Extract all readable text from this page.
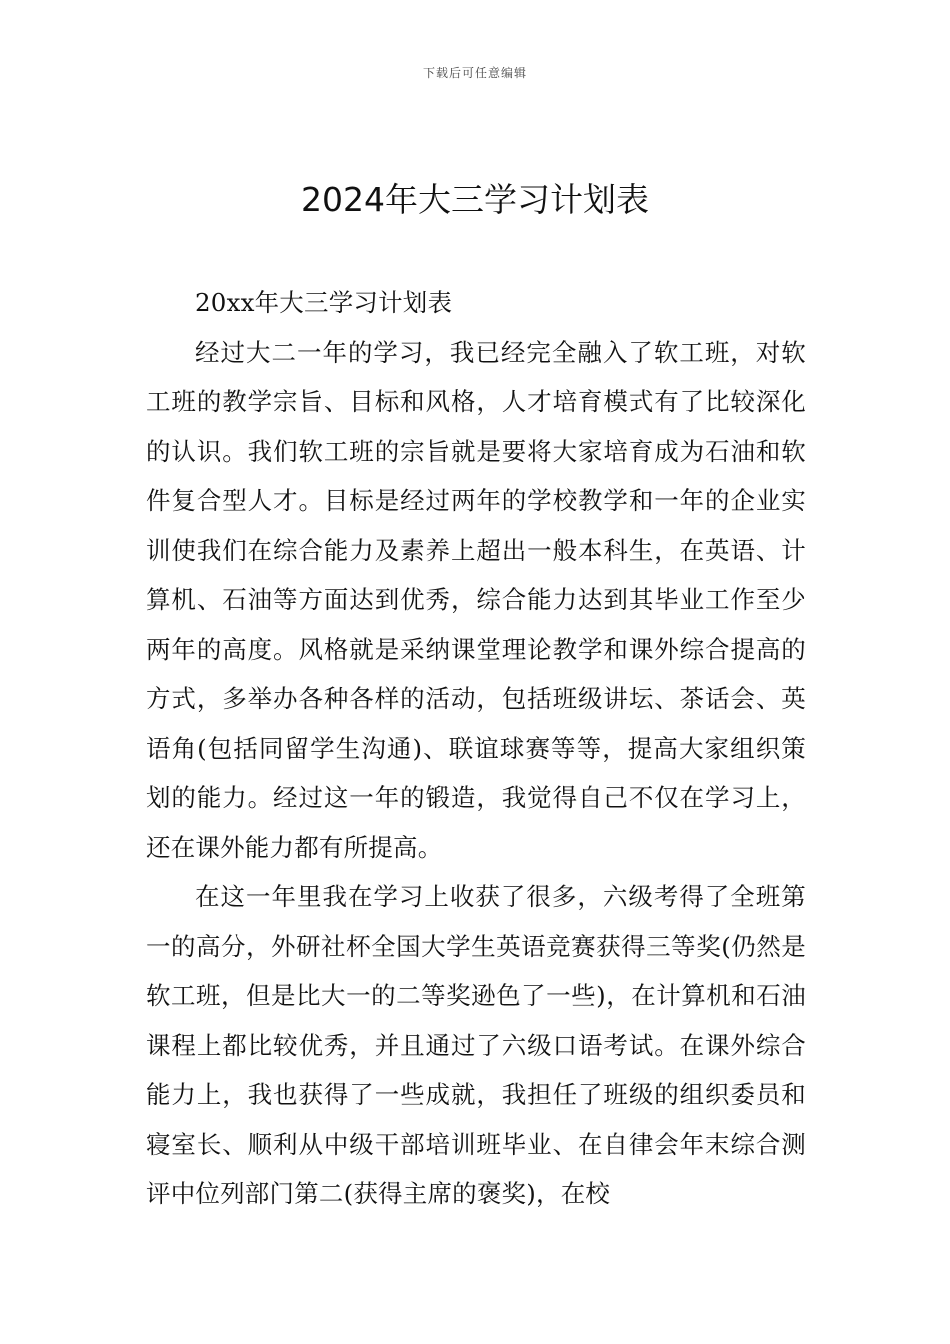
下载后可任意编辑
2024年大三学习计划表

20xx年大三学习计划表

经过大二一年的学习，我已经完全融入了软工班，对软工班的教学宗旨、目标和风格，人才培育模式有了比较深化的认识。我们软工班的宗旨就是要将大家培育成为石油和软件复合型人才。目标是经过两年的学校教学和一年的企业实训使我们在综合能力及素养上超出一般本科生，在英语、计算机、石油等方面达到优秀，综合能力达到其毕业工作至少两年的高度。风格就是采纳课堂理论教学和课外综合提高的方式，多举办各种各样的活动，包括班级讲坛、茶话会、英语角(包括同留学生沟通)、联谊球赛等等，提高大家组织策划的能力。经过这一年的锻造，我觉得自己不仅在学习上，还在课外能力都有所提高。

在这一年里我在学习上收获了很多，六级考得了全班第一的高分，外研社杯全国大学生英语竞赛获得三等奖(仍然是软工班，但是比大一的二等奖逊色了一些)，在计算机和石油课程上都比较优秀，并且通过了六级口语考试。在课外综合能力上，我也获得了一些成就，我担任了班级的组织委员和寝室长、顺利从中级干部培训班毕业、在自律会年末综合测评中位列部门第二(获得主席的褒奖)，在校
